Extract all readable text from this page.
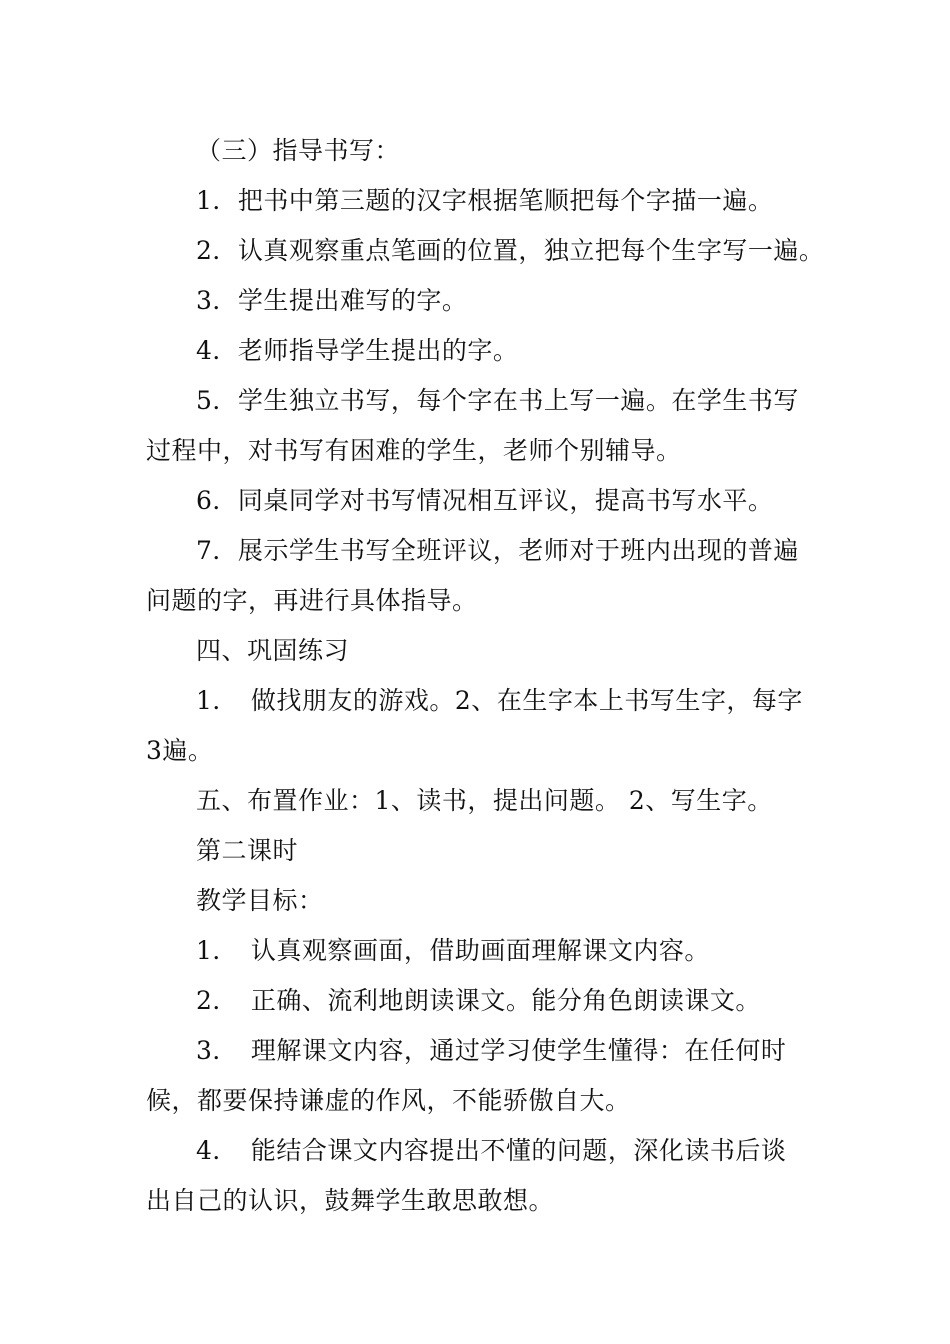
（三）指导书写：
1．把书中第三题的汉字根据笔顺把每个字描一遍。
2．认真观察重点笔画的位置，独立把每个生字写一遍。
3．学生提出难写的字。
4．老师指导学生提出的字。
5．学生独立书写，每个字在书上写一遍。在学生书写
过程中，对书写有困难的学生，老师个别辅导。
6．同桌同学对书写情况相互评议，提高书写水平。
7．展示学生书写全班评议，老师对于班内出现的普遍
问题的字，再进行具体指导。
四、巩固练习
1．　做找朋友的游戏。2、在生字本上书写生字，每字
3遍。
五、布置作业：1、读书，提出问题。 2、写生字。
第二课时
教学目标：
1．　认真观察画面，借助画面理解课文内容。
2．　正确、流利地朗读课文。能分角色朗读课文。
3．　理解课文内容，通过学习使学生懂得：在任何时
候，都要保持谦虚的作风，不能骄傲自大。
4．　能结合课文内容提出不懂的问题，深化读书后谈
出自己的认识，鼓舞学生敢思敢想。
